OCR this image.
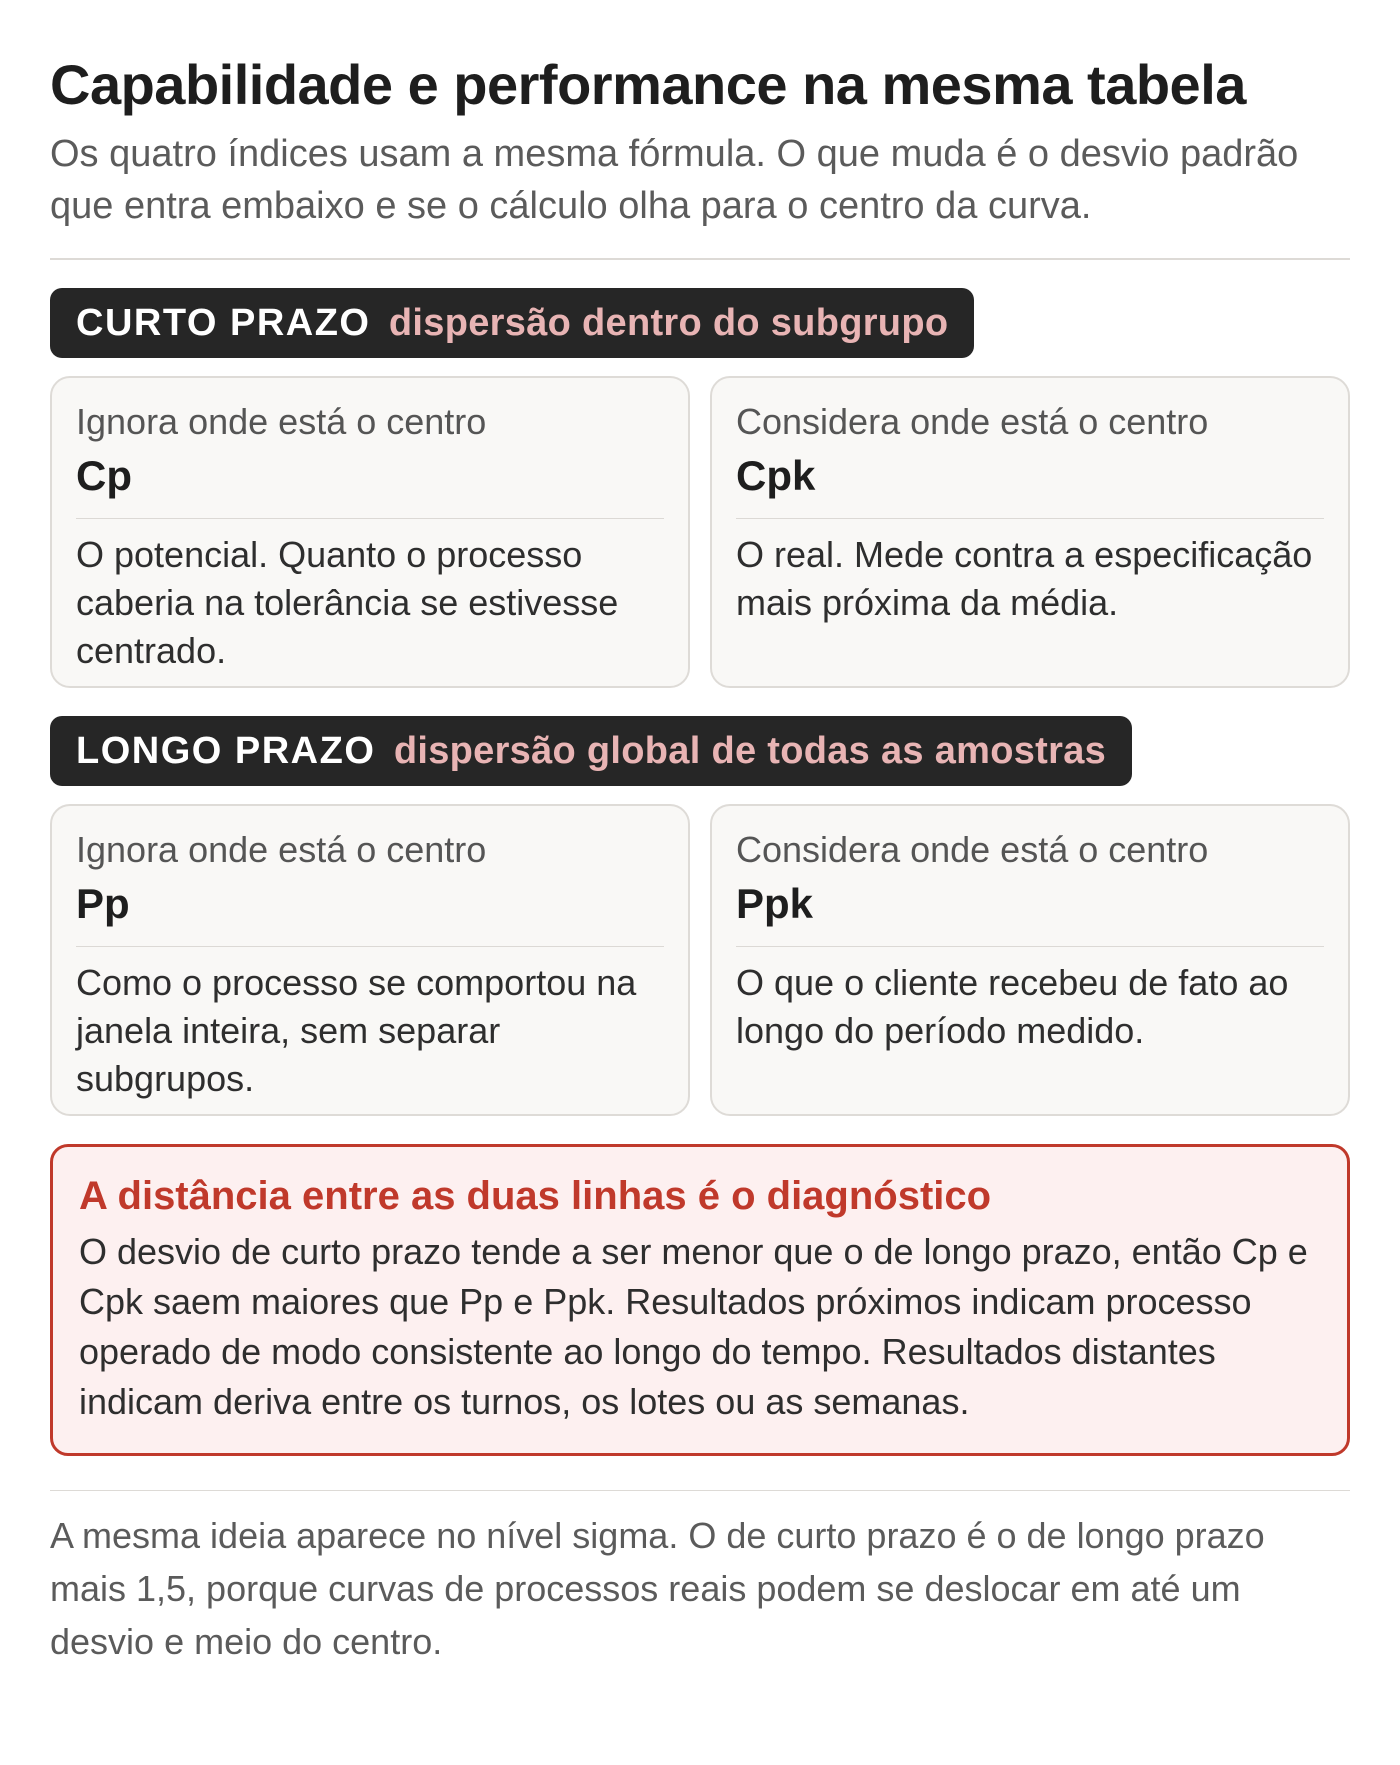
Capabilidade e performance na mesma tabela

Os quatro índices usam a mesma fórmula. O que muda é o desvio padrão que entra embaixo e se o cálculo olha para o centro da curva.

CURTO PRAZO dispersão dentro do subgrupo
Ignora onde está o centro
Cp
O potencial. Quanto o processo caberia na tolerância se estivesse centrado.
Considera onde está o centro
Cpk
O real. Mede contra a especificação mais próxima da média.
LONGO PRAZO dispersão global de todas as amostras
Ignora onde está o centro
Pp
Como o processo se comportou na janela inteira, sem separar subgrupos.
Considera onde está o centro
Ppk
O que o cliente recebeu de fato ao longo do período medido.
A distância entre as duas linhas é o diagnóstico
O desvio de curto prazo tende a ser menor que o de longo prazo, então Cp e Cpk saem maiores que Pp e Ppk. Resultados próximos indicam processo operado de modo consistente ao longo do tempo. Resultados distantes indicam deriva entre os turnos, os lotes ou as semanas.

A mesma ideia aparece no nível sigma. O de curto prazo é o de longo prazo mais 1,5, porque curvas de processos reais podem se deslocar em até um desvio e meio do centro.
